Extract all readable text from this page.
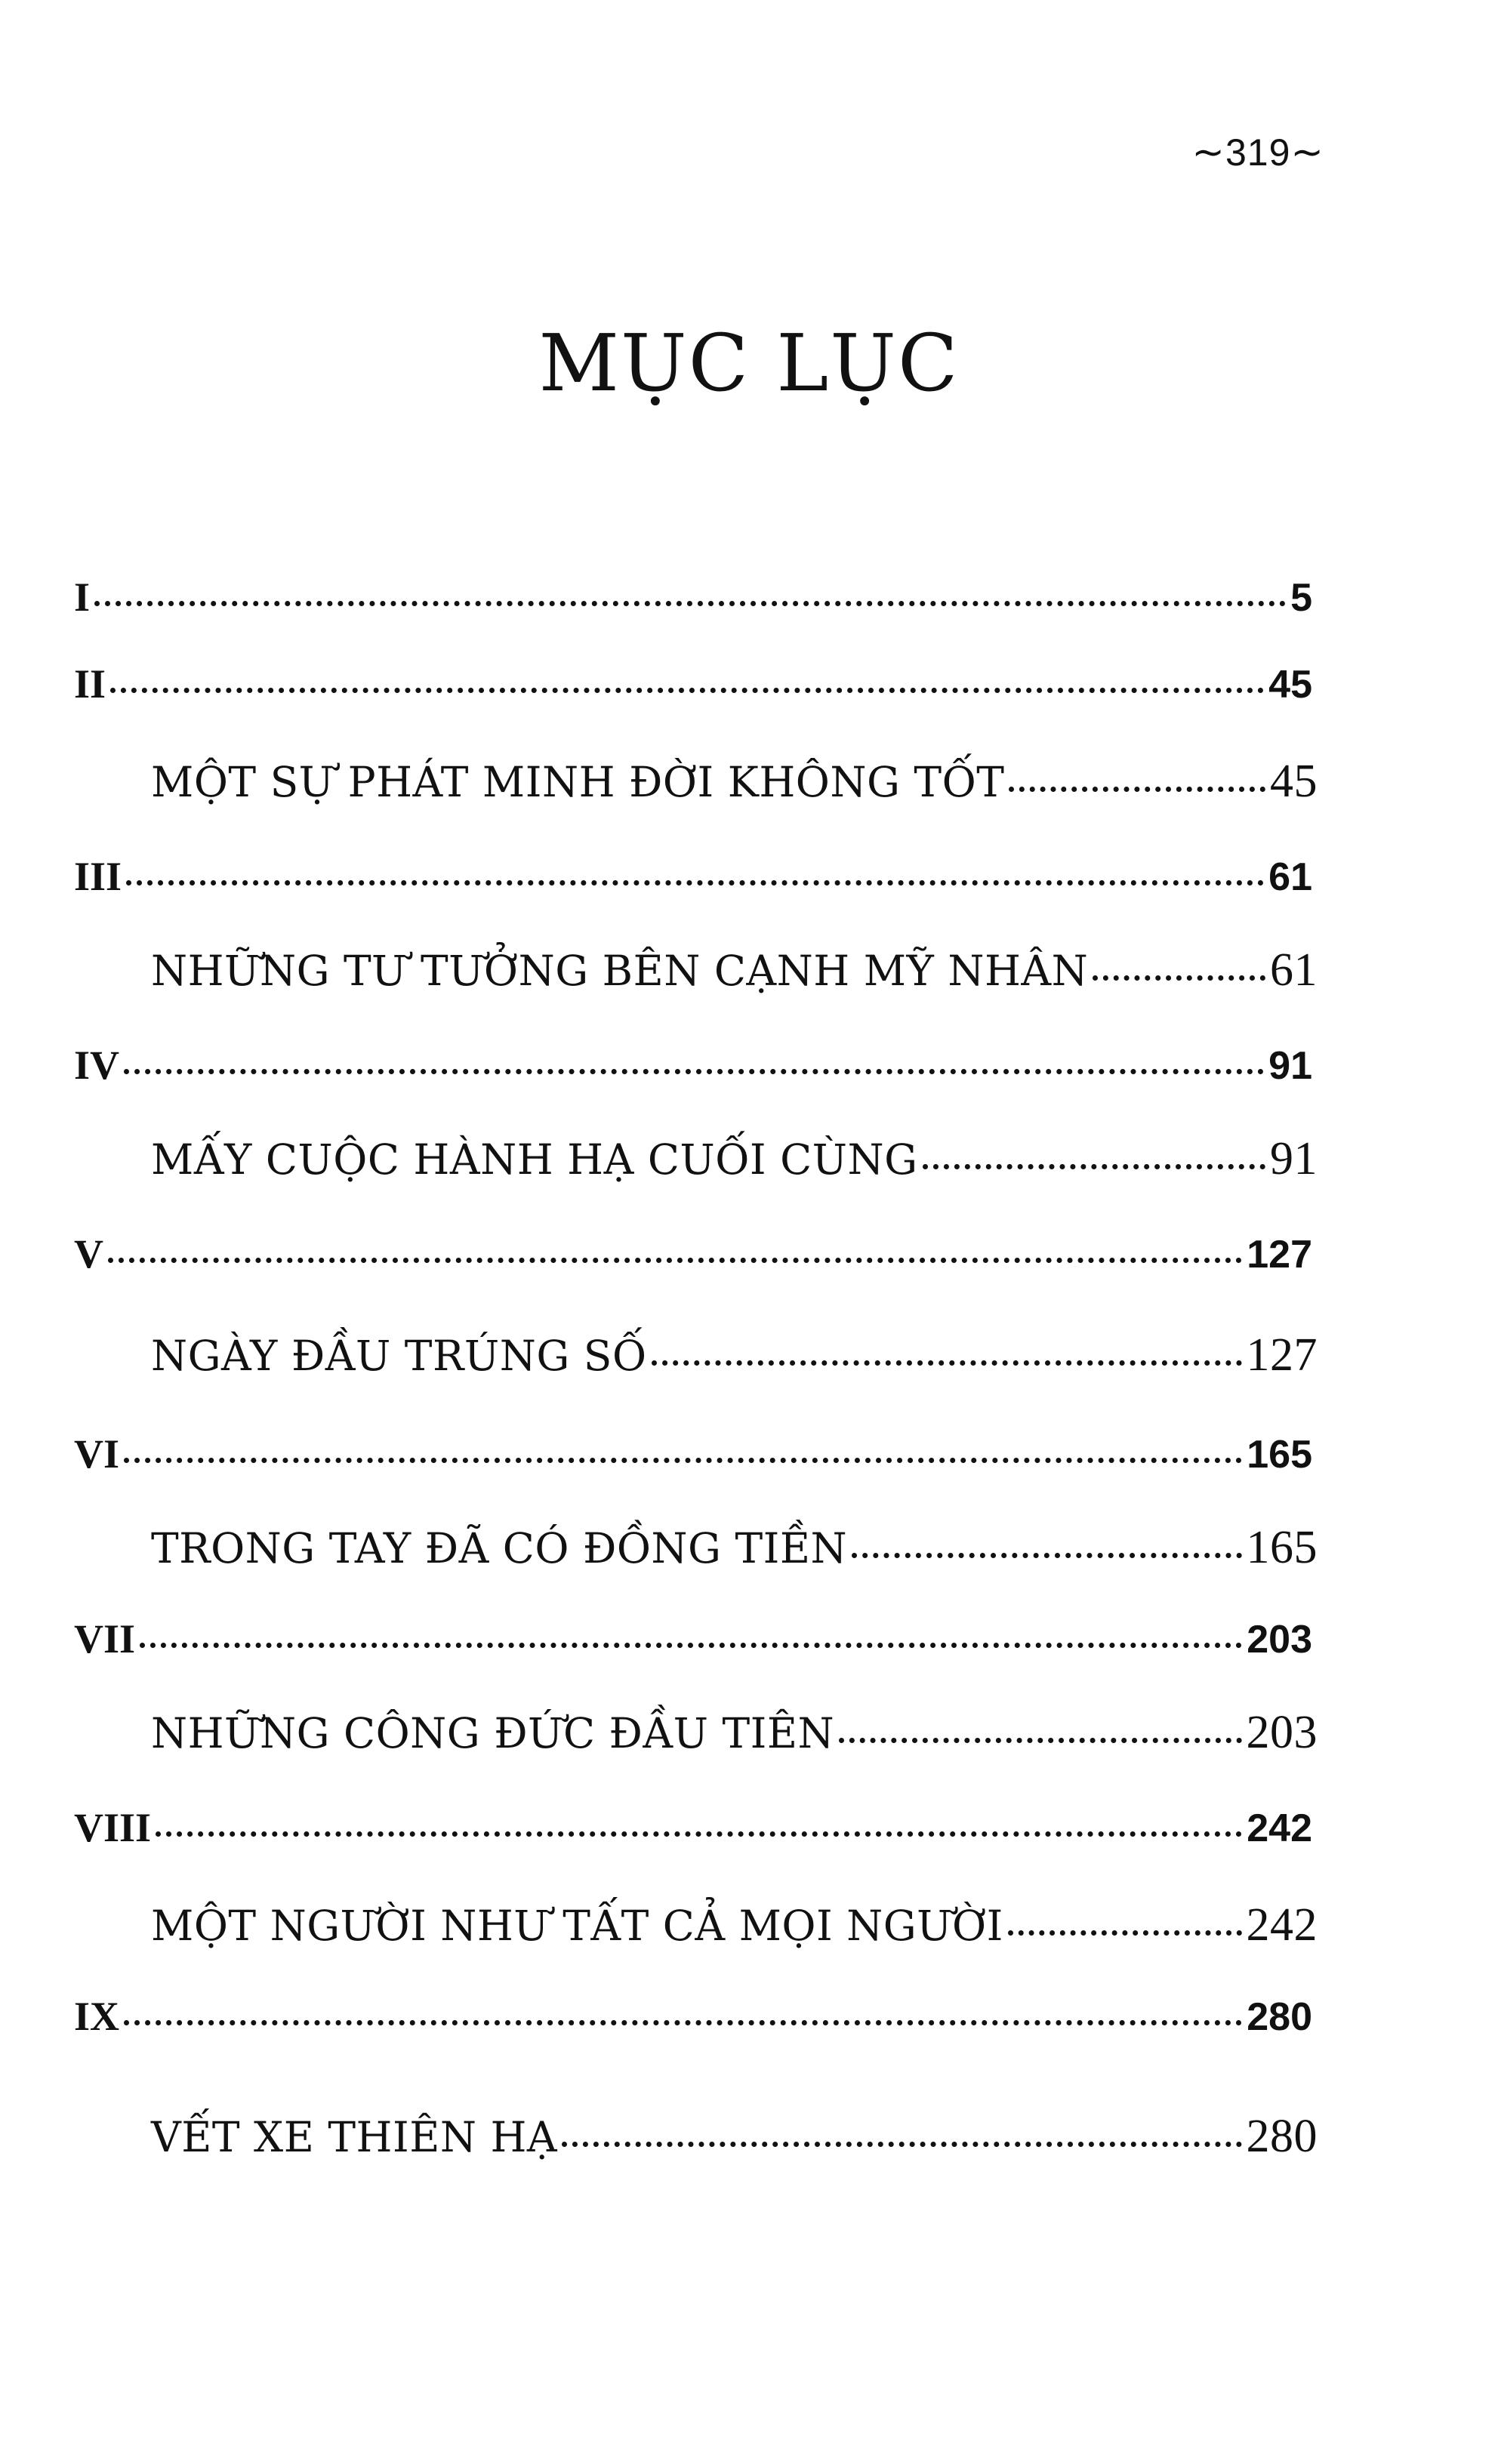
~319~
MỤC LỤC
I	5
II	45
MỘT SỰ PHÁT MINH ĐỜI KHÔNG TỐT	45
III	61
NHỮNG TƯ TƯỞNG BÊN CẠNH MỸ NHÂN	61
IV	91
MẤY CUỘC HÀNH HẠ CUỐI CÙNG	91
V	127
NGÀY ĐẦU TRÚNG SỐ	127
VI	165
TRONG TAY ĐÃ CÓ ĐỒNG TIỀN	165
VII	203
NHỮNG CÔNG ĐỨC ĐẦU TIÊN	203
VIII	242
MỘT NGƯỜI NHƯ TẤT CẢ MỌI NGƯỜI	242
IX	280
VẾT XE THIÊN HẠ	280
